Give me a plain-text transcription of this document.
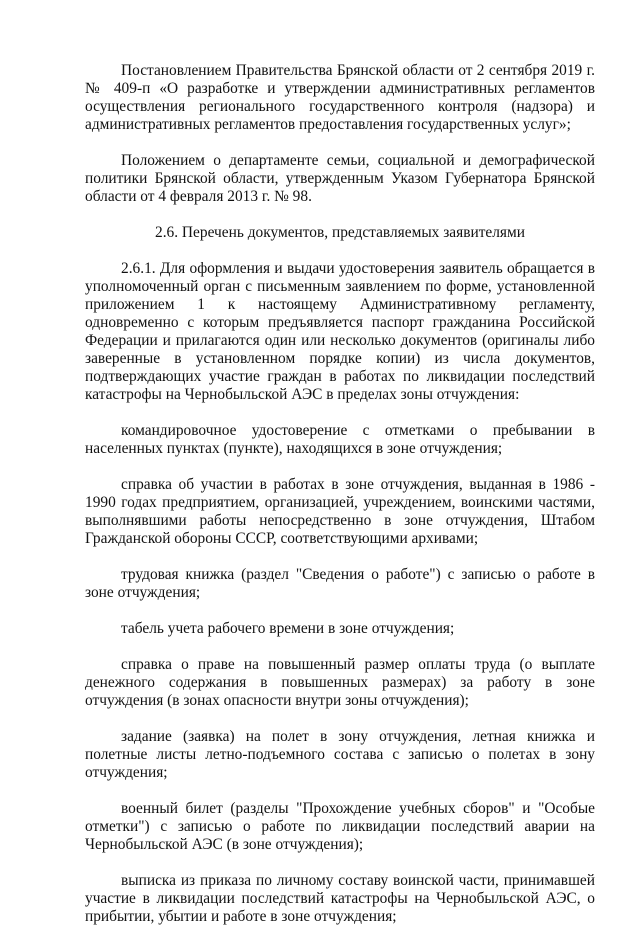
Постановлением Правительства Брянской области от 2 сентября 2019 г. № 409-п «О разработке и утверждении административных регламентов осуществления регионального государственного контроля (надзора) и административных регламентов предоставления государственных услуг»;

Положением о департаменте семьи, социальной и демографической политики Брянской области, утвержденным Указом Губернатора Брянской области от 4 февраля 2013 г. № 98.

2.6. Перечень документов, представляемых заявителями

2.6.1. Для оформления и выдачи удостоверения заявитель обращается в уполномоченный орган с письменным заявлением по форме, установленной приложением 1 к настоящему Административному регламенту, одновременно с которым предъявляется паспорт гражданина Российской Федерации и прилагаются один или несколько документов (оригиналы либо заверенные в установленном порядке копии) из числа документов, подтверждающих участие граждан в работах по ликвидации последствий катастрофы на Чернобыльской АЭС в пределах зоны отчуждения:

командировочное удостоверение с отметками о пребывании в населенных пунктах (пункте), находящихся в зоне отчуждения;

справка об участии в работах в зоне отчуждения, выданная в 1986 - 1990 годах предприятием, организацией, учреждением, воинскими частями, выполнявшими работы непосредственно в зоне отчуждения, Штабом Гражданской обороны СССР, соответствующими архивами;

трудовая книжка (раздел "Сведения о работе") с записью о работе в зоне отчуждения;

табель учета рабочего времени в зоне отчуждения;

справка о праве на повышенный размер оплаты труда (о выплате денежного содержания в повышенных размерах) за работу в зоне отчуждения (в зонах опасности внутри зоны отчуждения);

задание (заявка) на полет в зону отчуждения, летная книжка и полетные листы летно-подъемного состава с записью о полетах в зону отчуждения;

военный билет (разделы "Прохождение учебных сборов" и "Особые отметки") с записью о работе по ликвидации последствий аварии на Чернобыльской АЭС (в зоне отчуждения);

выписка из приказа по личному составу воинской части, принимавшей участие в ликвидации последствий катастрофы на Чернобыльской АЭС, о прибытии, убытии и работе в зоне отчуждения;
